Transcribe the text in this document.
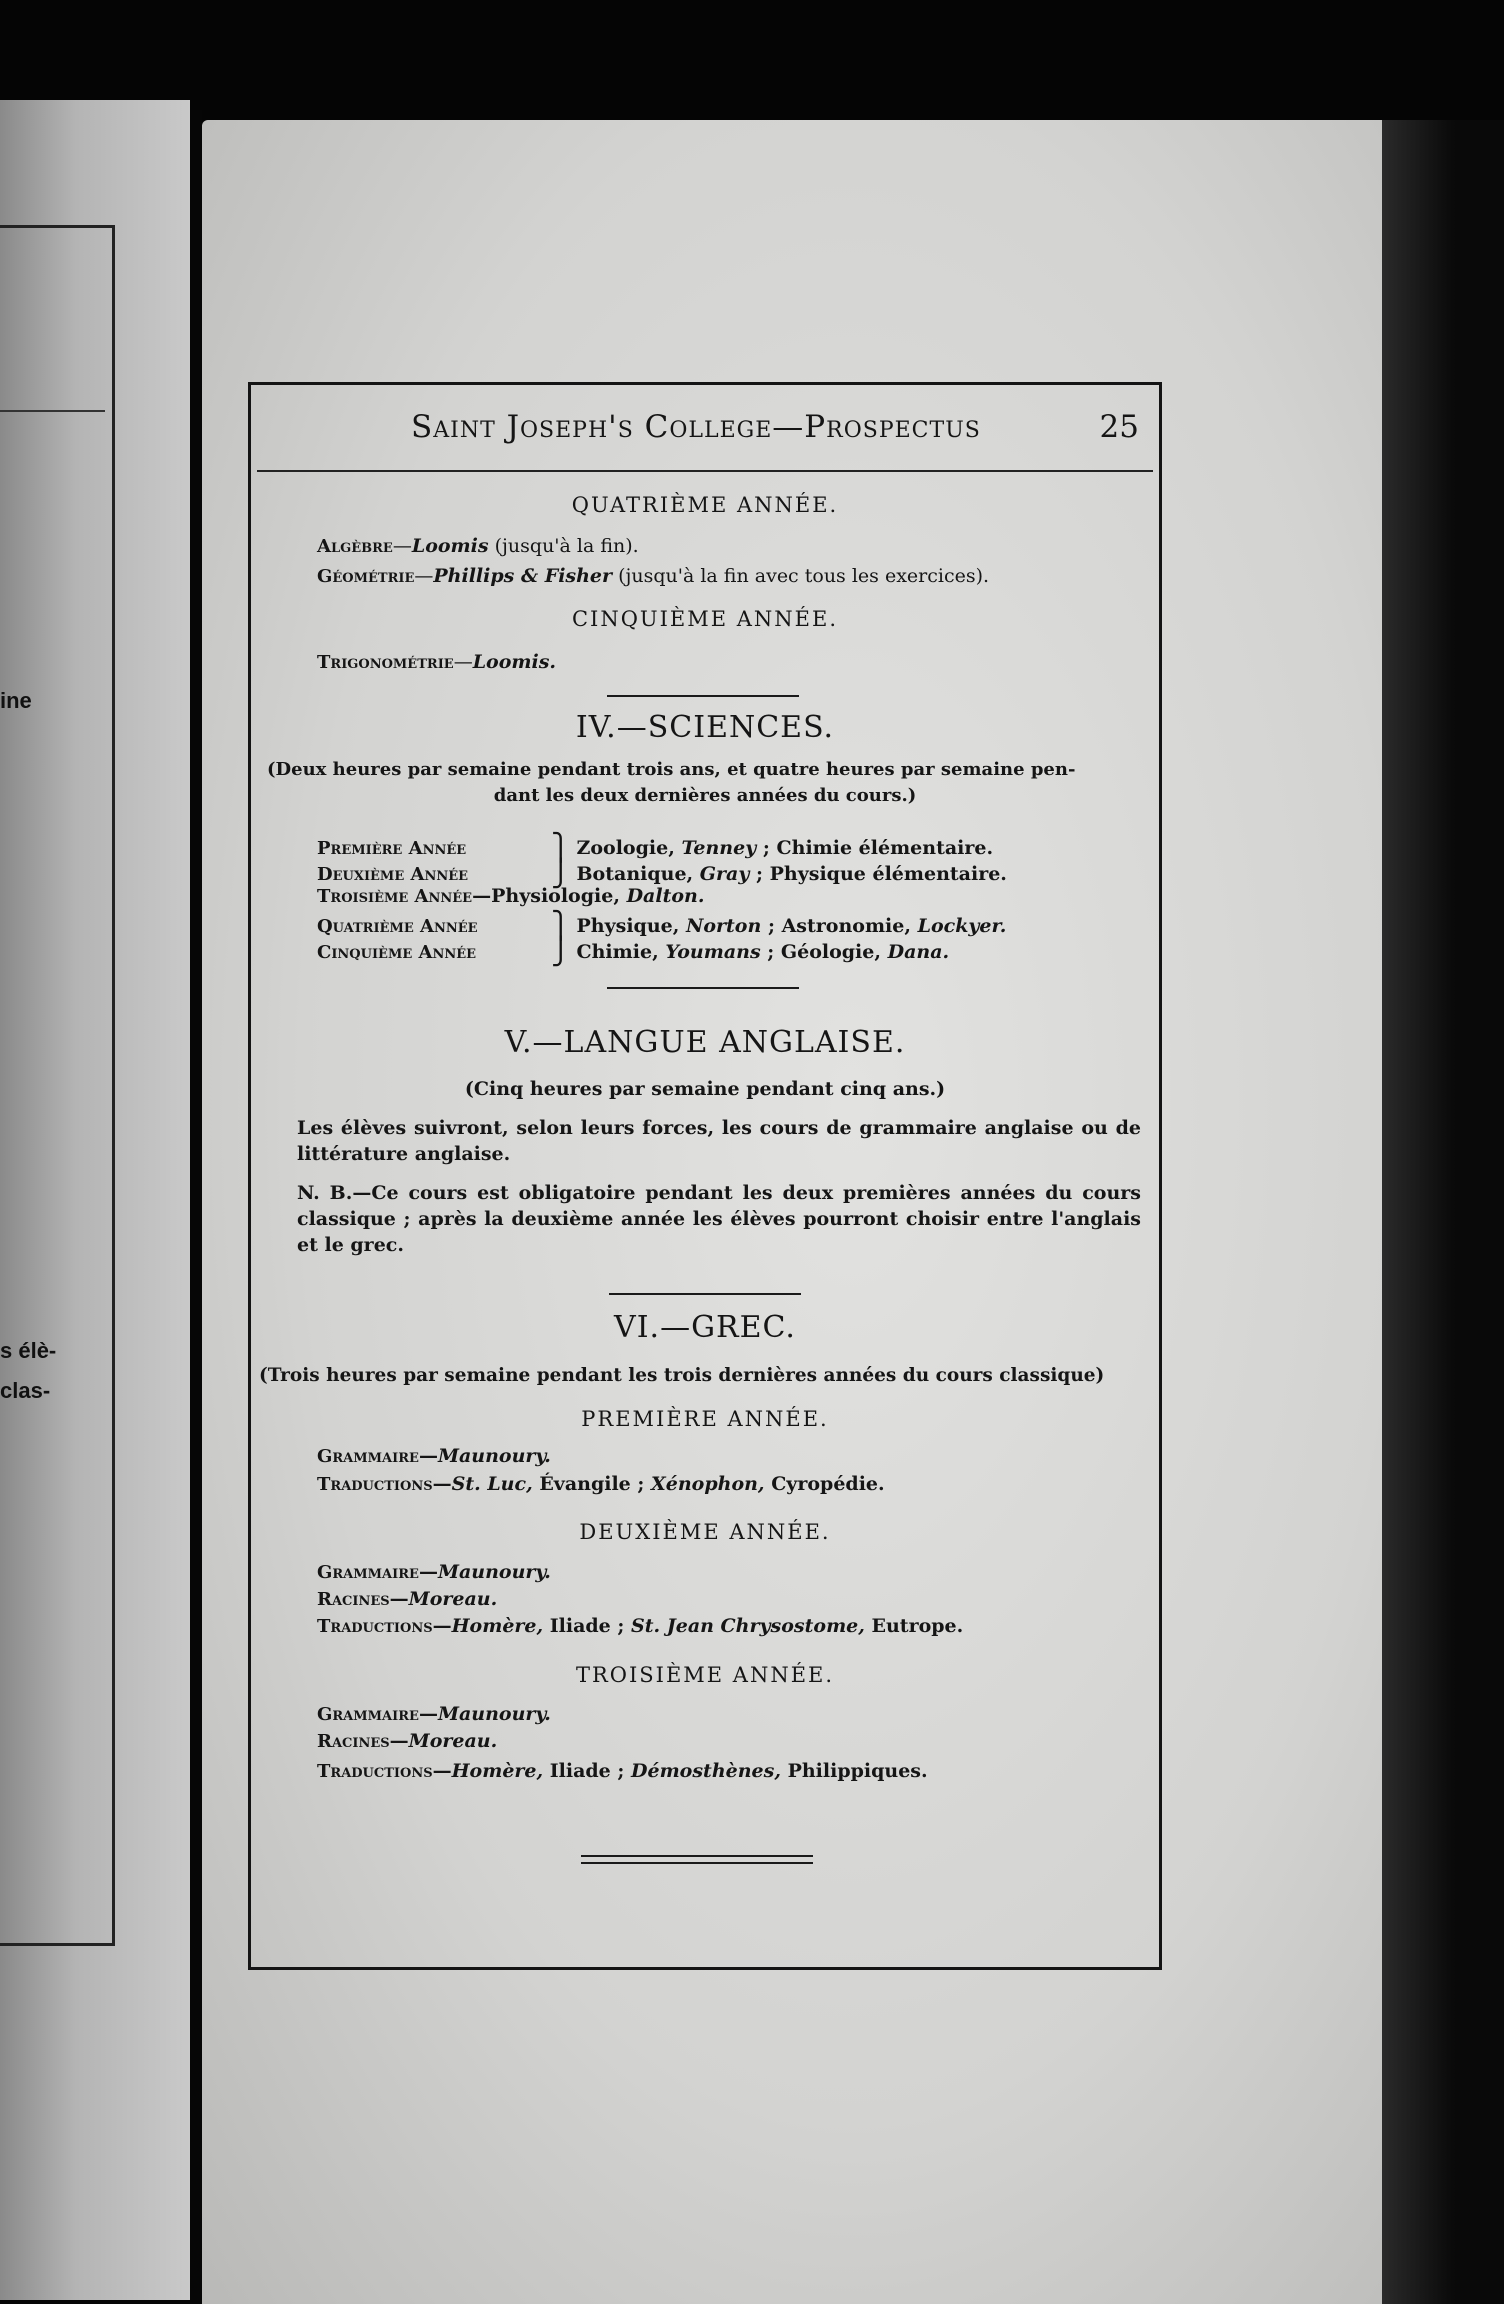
ine
s élè-
clas-
Saint Joseph's College—Prospectus	25
QUATRIÈME ANNÉE.
Algèbre—Loomis (jusqu'à la fin).
Géométrie—Phillips & Fisher (jusqu'à la fin avec tous les exercices).
CINQUIÈME ANNÉE.
Trigonométrie—Loomis.
IV.—SCIENCES.
(Deux heures par semaine pendant trois ans, et quatre heures par semaine pen-
dant les deux dernières années du cours.)
Première Année	⎫ Zoologie, Tenney ; Chimie élémentaire.
Deuxième Année	⎭ Botanique, Gray ; Physique élémentaire.
Troisième Année—Physiologie, Dalton.
Quatrième Année	⎫ Physique, Norton ; Astronomie, Lockyer.
Cinquième Année	⎭ Chimie, Youmans ; Géologie, Dana.
V.—LANGUE ANGLAISE.
(Cinq heures par semaine pendant cinq ans.)
Les élèves suivront, selon leurs forces, les cours de grammaire anglaise ou de littérature anglaise.
N. B.—Ce cours est obligatoire pendant les deux premières années du cours classique ; après la deuxième année les élèves pourront choisir entre l'anglais et le grec.
VI.—GREC.
(Trois heures par semaine pendant les trois dernières années du cours classique)
PREMIÈRE ANNÉE.
Grammaire—Maunoury.
Traductions—St. Luc, Évangile ; Xénophon, Cyropédie.
DEUXIÈME ANNÉE.
Grammaire—Maunoury.
Racines—Moreau.
Traductions—Homère, Iliade ; St. Jean Chrysostome, Eutrope.
TROISIÈME ANNÉE.
Grammaire—Maunoury.
Racines—Moreau.
Traductions—Homère, Iliade ; Démosthènes, Philippiques.
